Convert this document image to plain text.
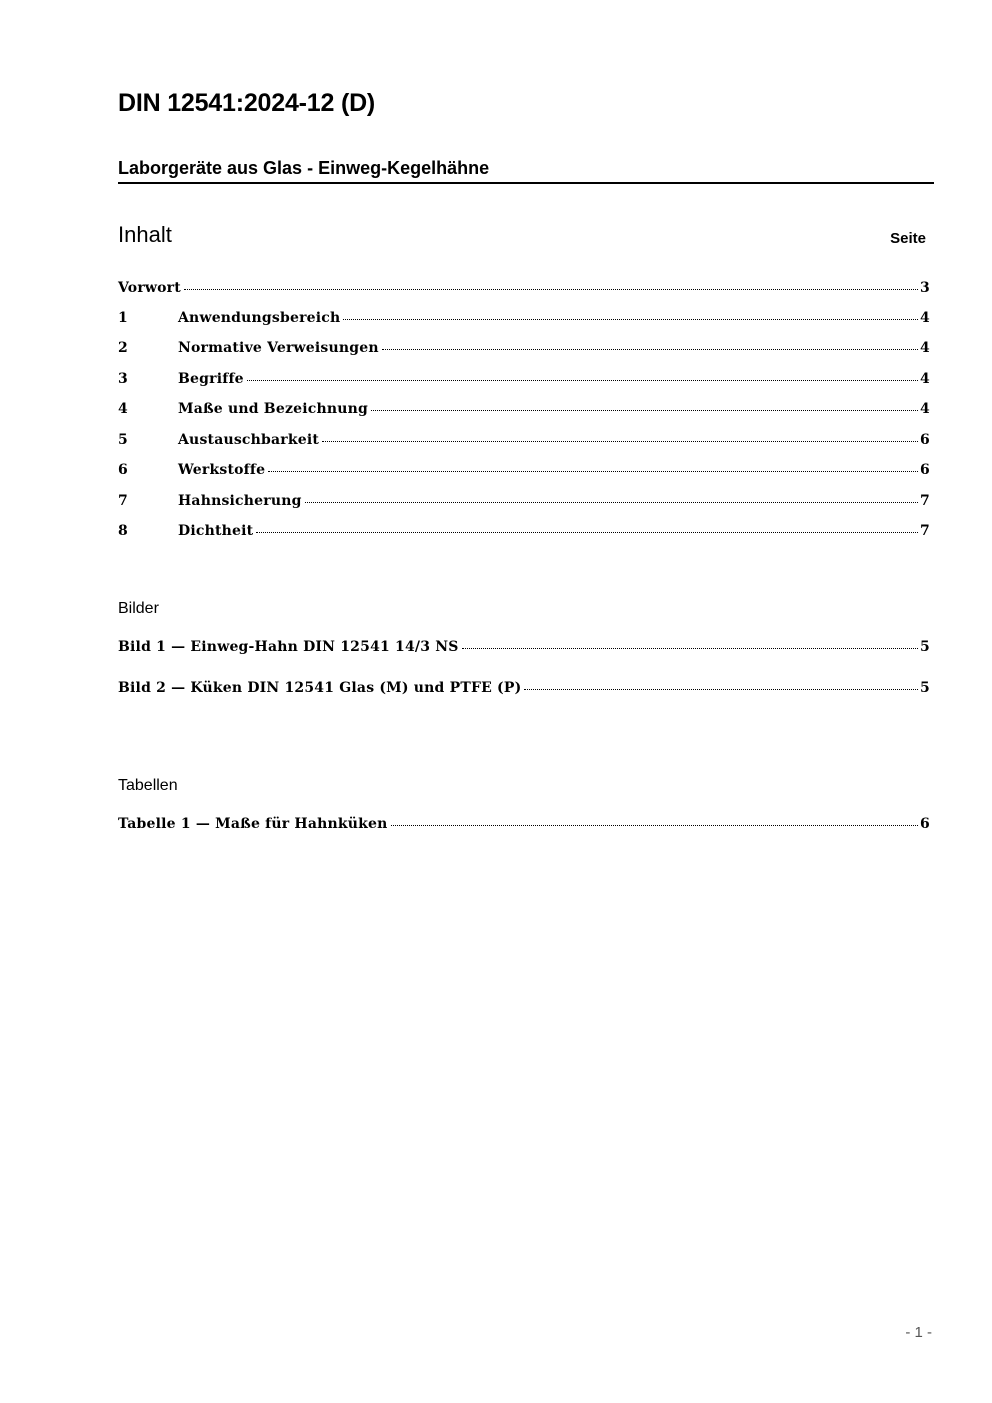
DIN 12541:2024-12 (D)
Laborgeräte aus Glas - Einweg-Kegelhähne
Inhalt	Seite
Vorwort	3
1	Anwendungsbereich	4
2	Normative Verweisungen	4
3	Begriffe	4
4	Maße und Bezeichnung	4
5	Austauschbarkeit	6
6	Werkstoffe	6
7	Hahnsicherung	7
8	Dichtheit	7
Bilder
Bild 1 — Einweg-Hahn DIN 12541 14/3 NS	5
Bild 2 — Küken DIN 12541 Glas (M) und PTFE (P)	5
Tabellen
Tabelle 1 — Maße für Hahnküken	6
- 1 -
